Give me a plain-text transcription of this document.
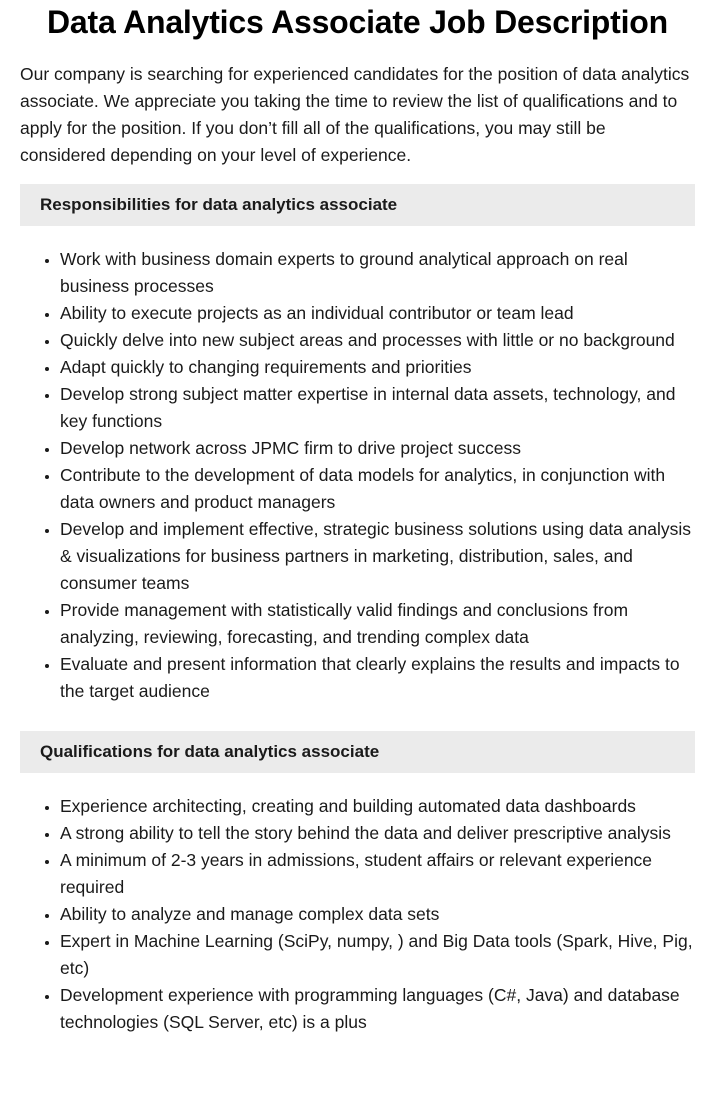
Data Analytics Associate Job Description

Our company is searching for experienced candidates for the position of data analytics associate. We appreciate you taking the time to review the list of qualifications and to apply for the position. If you don’t fill all of the qualifications, you may still be considered depending on your level of experience.

Responsibilities for data analytics associate
• Work with business domain experts to ground analytical approach on real business processes
• Ability to execute projects as an individual contributor or team lead
• Quickly delve into new subject areas and processes with little or no background
• Adapt quickly to changing requirements and priorities
• Develop strong subject matter expertise in internal data assets, technology, and key functions
• Develop network across JPMC firm to drive project success
• Contribute to the development of data models for analytics, in conjunction with data owners and product managers
• Develop and implement effective, strategic business solutions using data analysis & visualizations for business partners in marketing, distribution, sales, and consumer teams
• Provide management with statistically valid findings and conclusions from analyzing, reviewing, forecasting, and trending complex data
• Evaluate and present information that clearly explains the results and impacts to the target audience
Qualifications for data analytics associate
• Experience architecting, creating and building automated data dashboards
• A strong ability to tell the story behind the data and deliver prescriptive analysis
• A minimum of 2-3 years in admissions, student affairs or relevant experience required
• Ability to analyze and manage complex data sets
• Expert in Machine Learning (SciPy, numpy, ) and Big Data tools (Spark, Hive, Pig, etc)
• Development experience with programming languages (C#, Java) and database technologies (SQL Server, etc) is a plus
